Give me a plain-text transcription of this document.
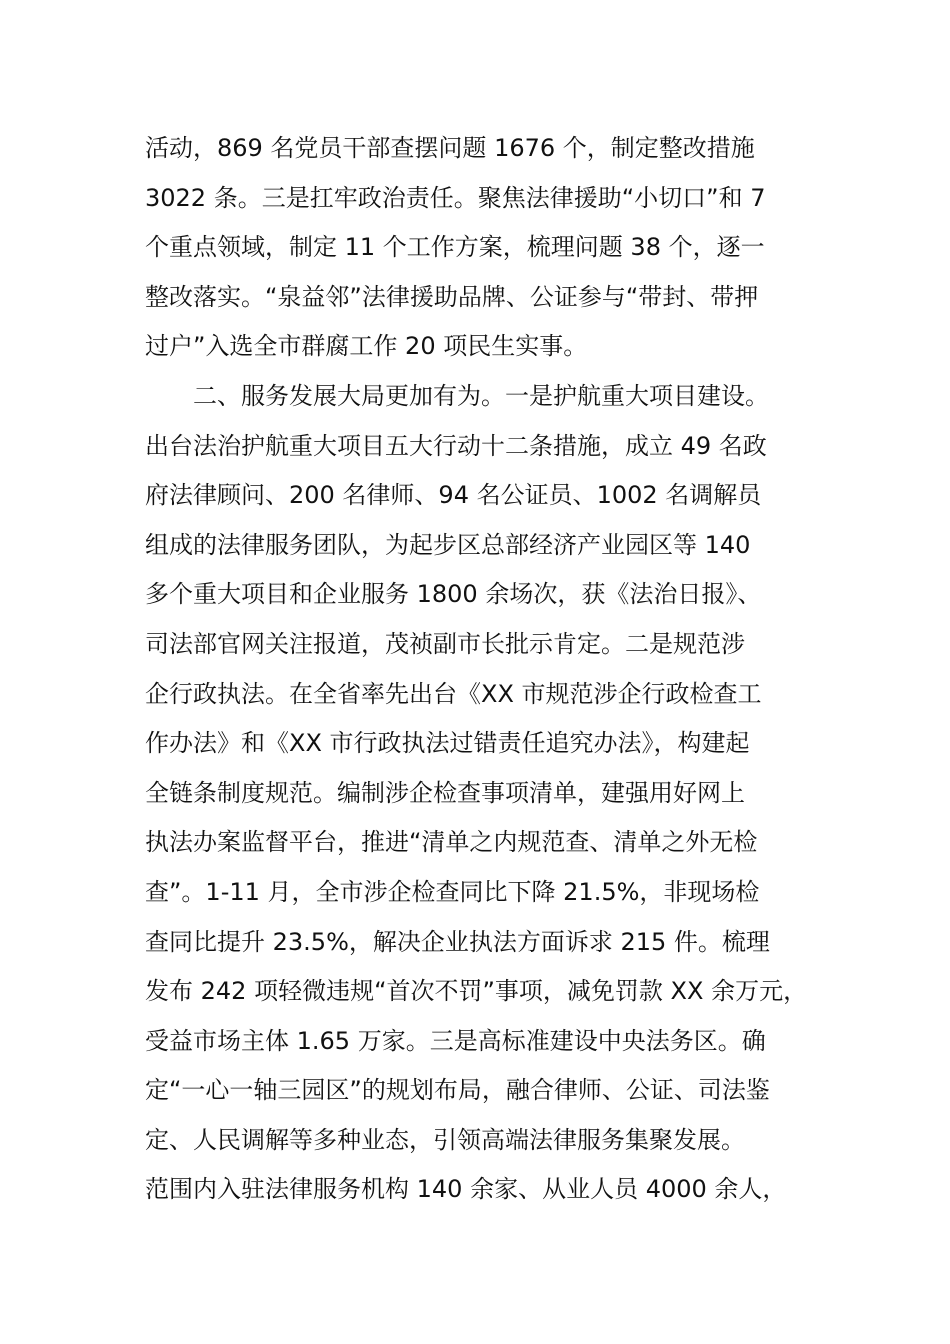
活动，869 名党员干部查摆问题 1676 个，制定整改措施
3022 条。三是扛牢政治责任。聚焦法律援助“小切口”和 7
个重点领域，制定 11 个工作方案，梳理问题 38 个，逐一
整改落实。“泉益邻”法律援助品牌、公证参与“带封、带押
过户”入选全市群腐工作 20 项民生实事。
二、服务发展大局更加有为。一是护航重大项目建设。
出台法治护航重大项目五大行动十二条措施，成立 49 名政
府法律顾问、200 名律师、94 名公证员、1002 名调解员
组成的法律服务团队，为起步区总部经济产业园区等 140
多个重大项目和企业服务 1800 余场次，获《法治日报》、
司法部官网关注报道，茂祯副市长批示肯定。二是规范涉
企行政执法。在全省率先出台《XX 市规范涉企行政检查工
作办法》和《XX 市行政执法过错责任追究办法》，构建起
全链条制度规范。编制涉企检查事项清单，建强用好网上
执法办案监督平台，推进“清单之内规范查、清单之外无检
查”。1-11 月，全市涉企检查同比下降 21.5%，非现场检
查同比提升 23.5%，解决企业执法方面诉求 215 件。梳理
发布 242 项轻微违规“首次不罚”事项，减免罚款 XX 余万元，
受益市场主体 1.65 万家。三是高标准建设中央法务区。确
定“一心一轴三园区”的规划布局，融合律师、公证、司法鉴
定、人民调解等多种业态，引领高端法律服务集聚发展。
范围内入驻法律服务机构 140 余家、从业人员 4000 余人，
